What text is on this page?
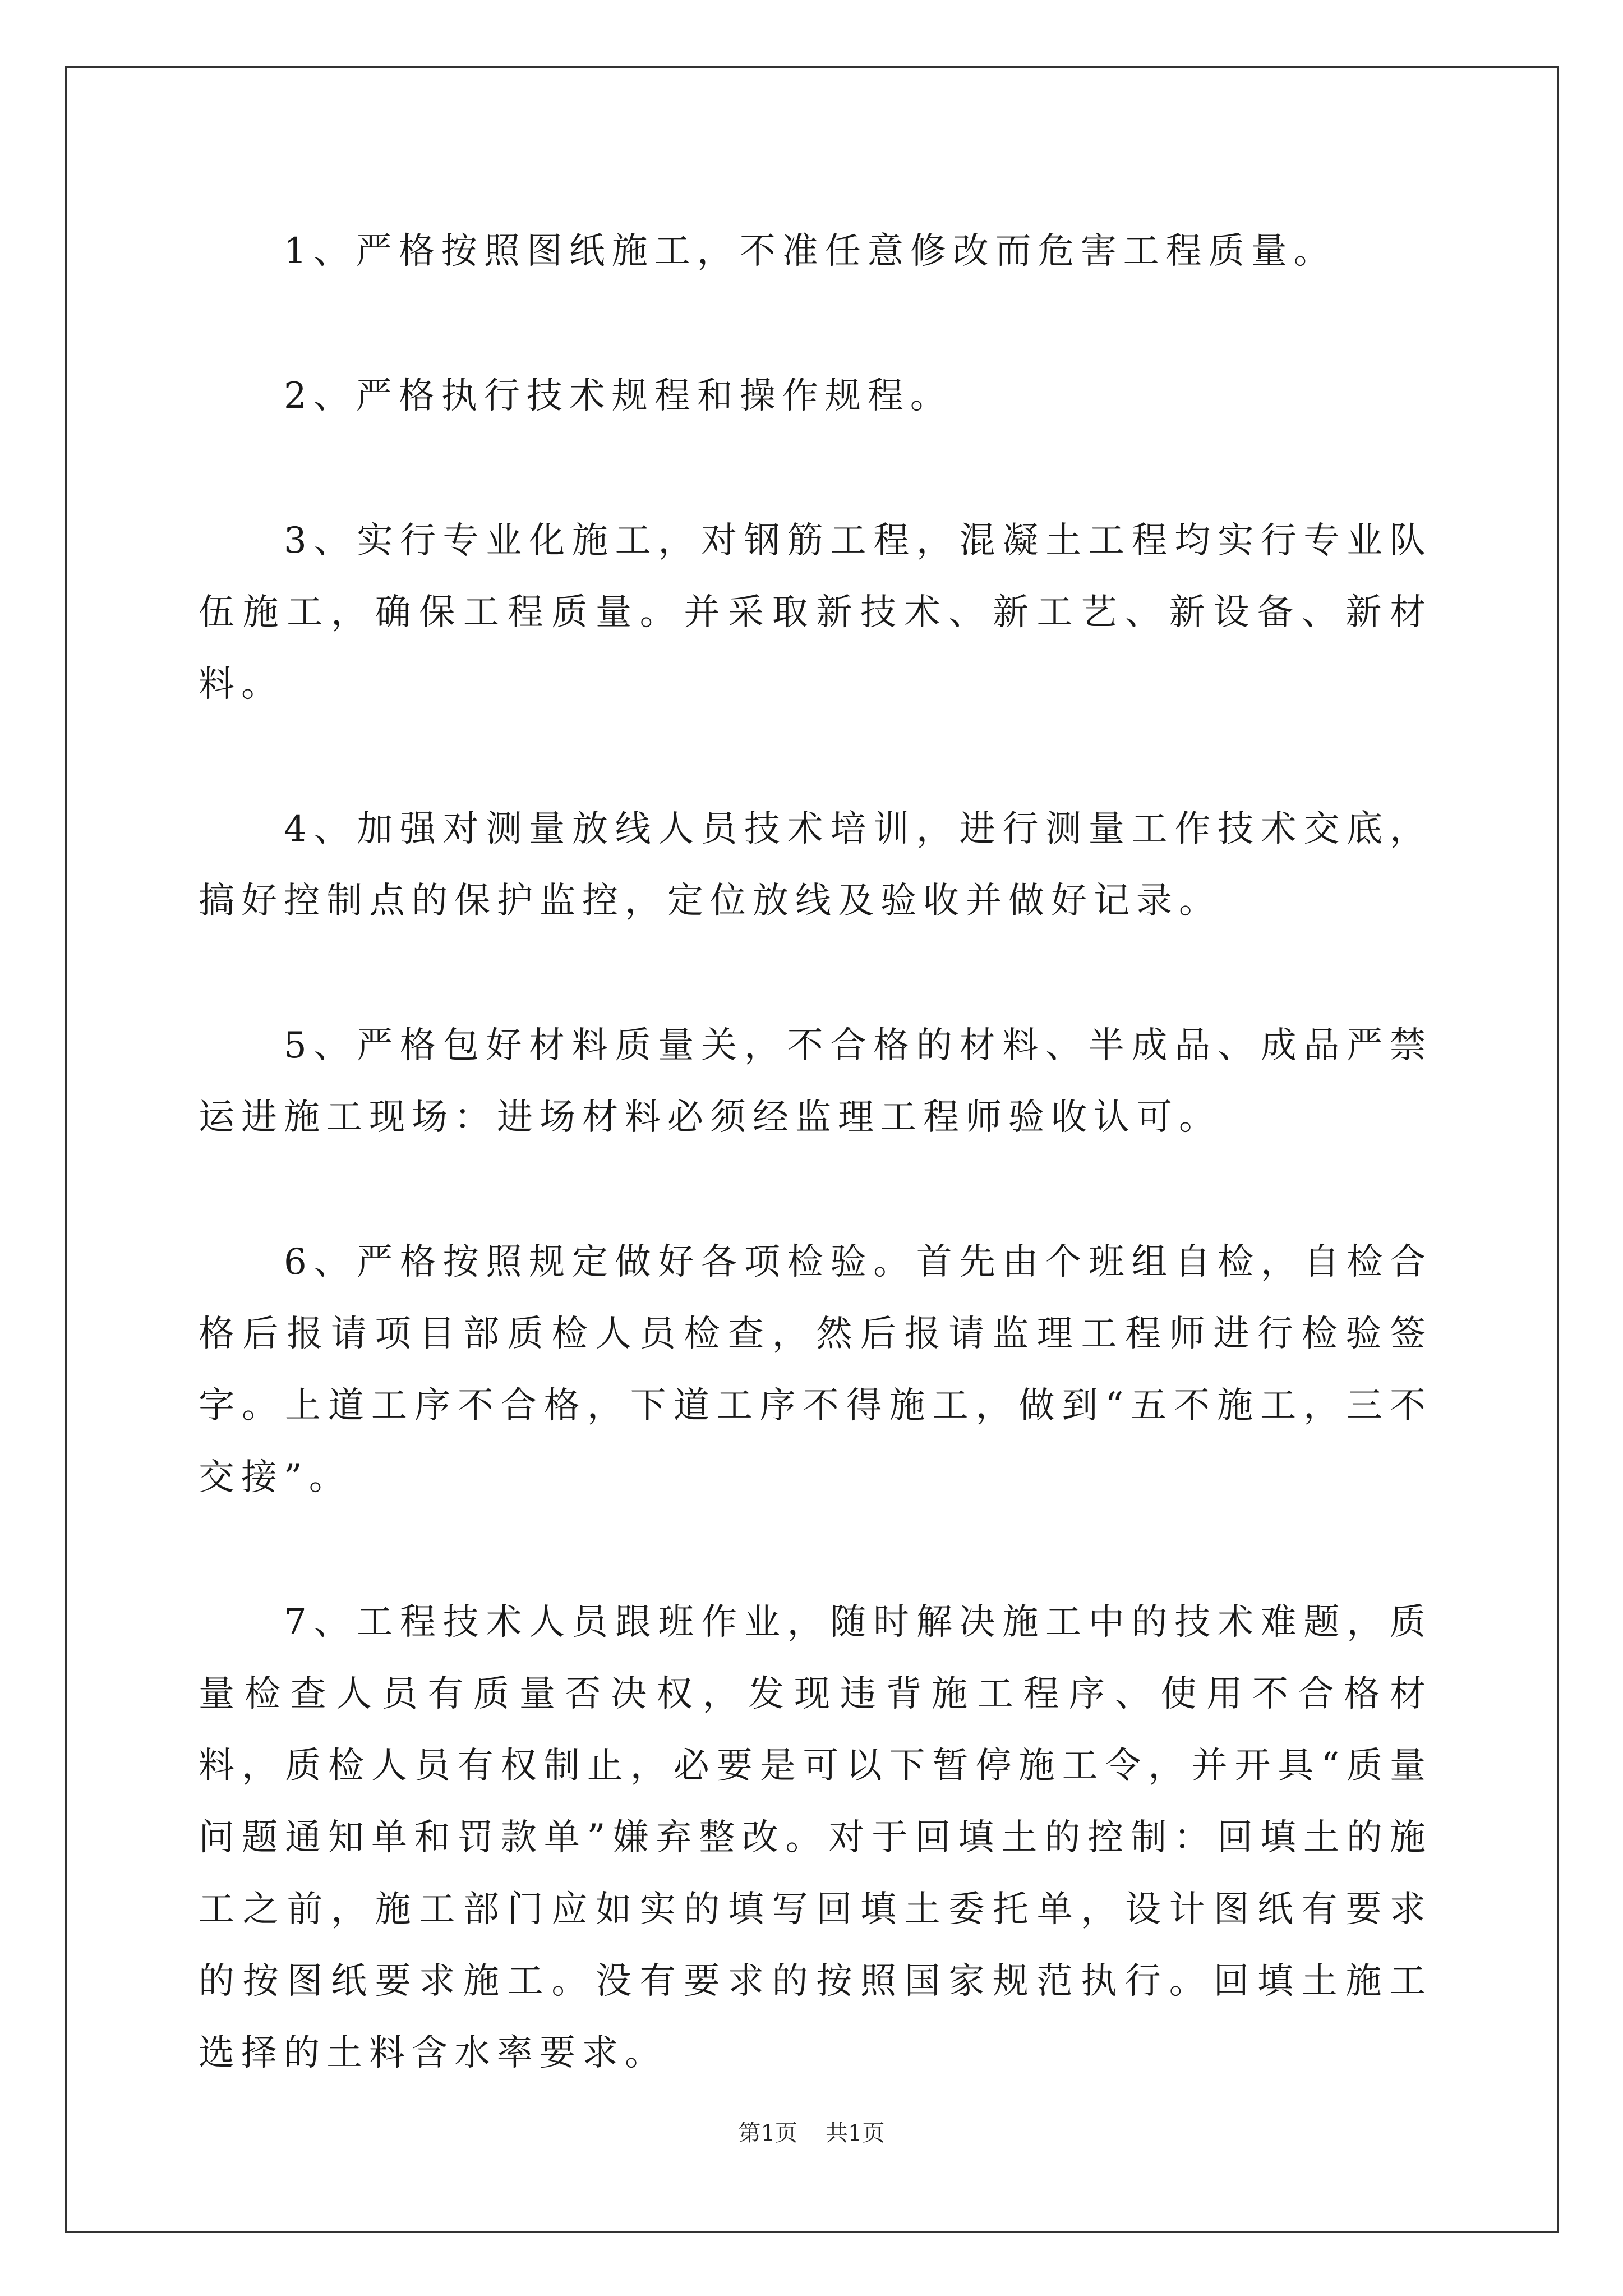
1、严格按照图纸施工，不准任意修改而危害工程质量。

2、严格执行技术规程和操作规程。

3、实行专业化施工，对钢筋工程，混凝土工程均实行专业队伍施工，确保工程质量。并采取新技术、新工艺、新设备、新材料。

4、加强对测量放线人员技术培训，进行测量工作技术交底，搞好控制点的保护监控，定位放线及验收并做好记录。

5、严格包好材料质量关，不合格的材料、半成品、成品严禁运进施工现场：进场材料必须经监理工程师验收认可。

6、严格按照规定做好各项检验。首先由个班组自检，自检合格后报请项目部质检人员检查，然后报请监理工程师进行检验签字。上道工序不合格，下道工序不得施工，做到“五不施工，三不交接”。

7、工程技术人员跟班作业，随时解决施工中的技术难题，质量检查人员有质量否决权，发现违背施工程序、使用不合格材料，质检人员有权制止，必要是可以下暂停施工令，并开具“质量问题通知单和罚款单”嫌弃整改。对于回填土的控制：回填土的施工之前，施工部门应如实的填写回填土委托单，设计图纸有要求的按图纸要求施工。没有要求的按照国家规范执行。回填土施工选择的土料含水率要求。

第1页 共1页
